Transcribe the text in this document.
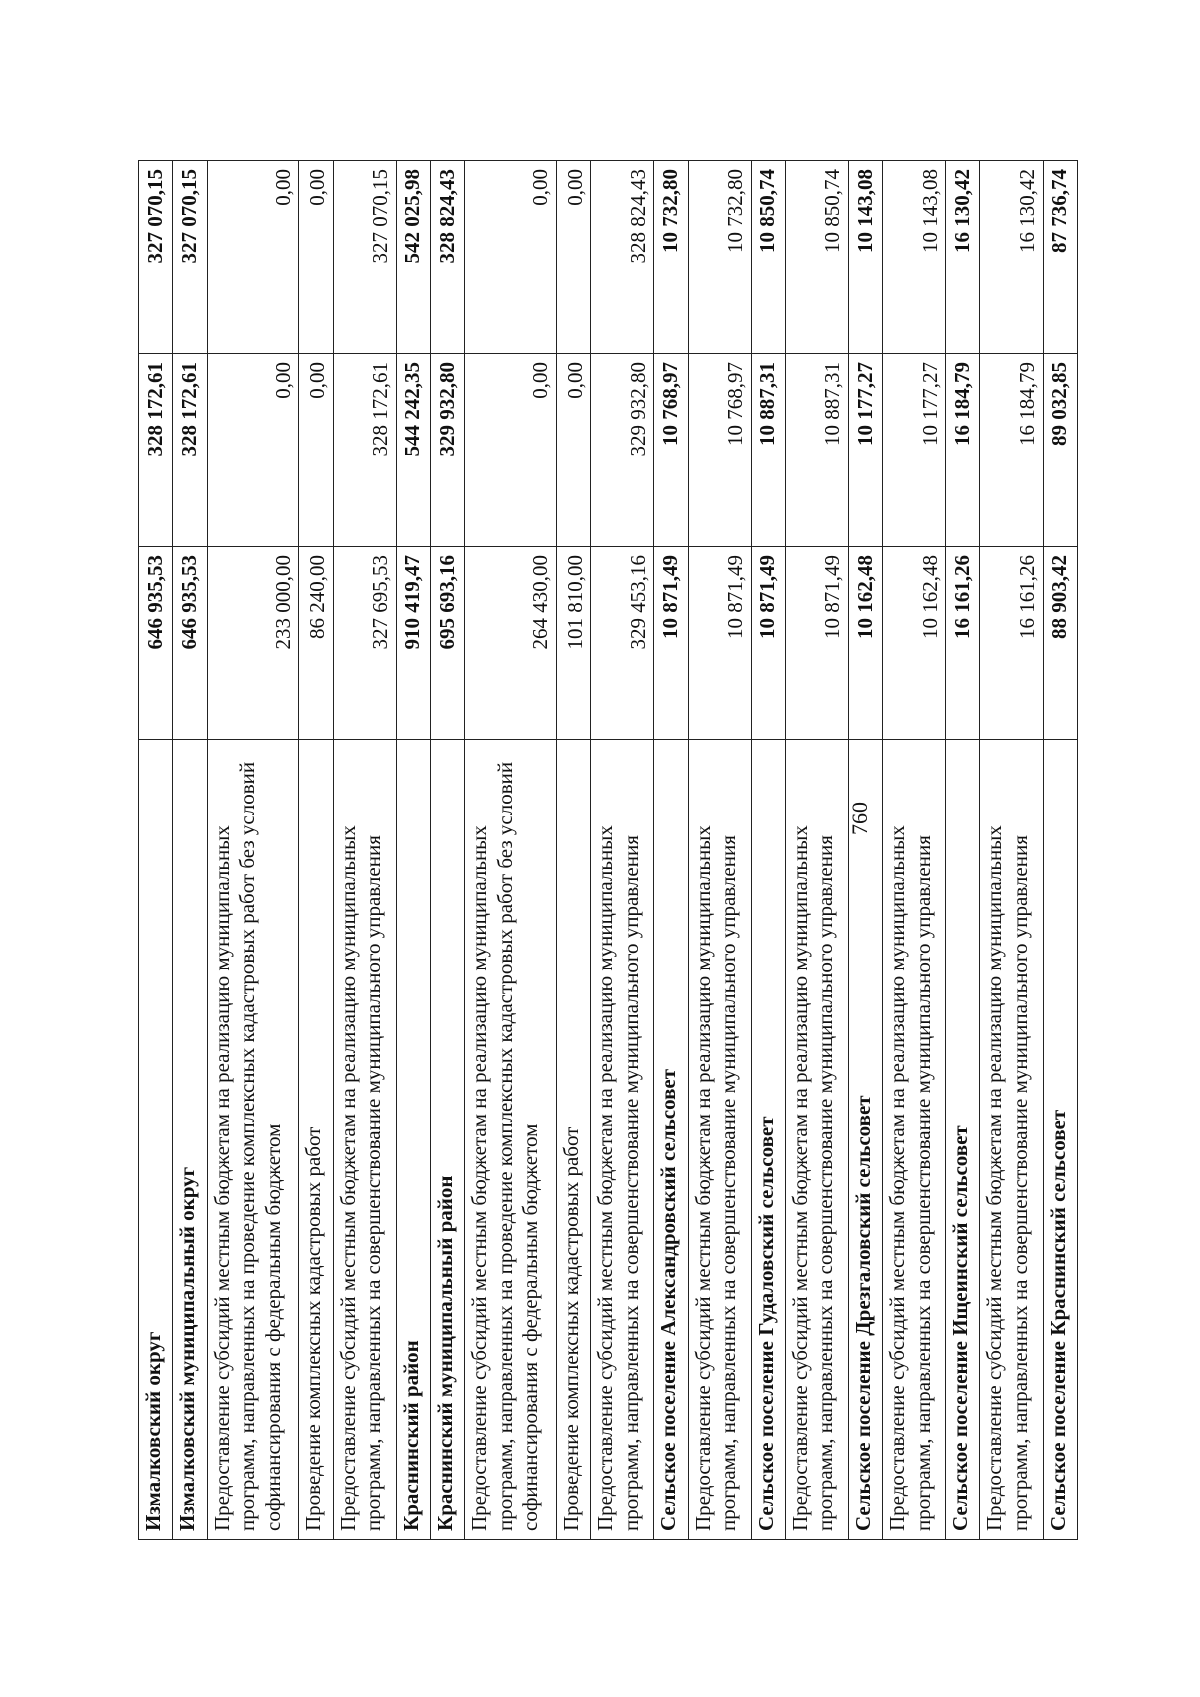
760
Измалковский округ	646 935,53	328 172,61	327 070,15
Измалковский муниципальный округ	646 935,53	328 172,61	327 070,15
Предоставление субсидий местным бюджетам на реализацию муниципальных программ, направленных на проведение комплексных кадастровых работ без условий софинансирования с федеральным бюджетом	233 000,00	0,00	0,00
Проведение комплексных кадастровых работ	86 240,00	0,00	0,00
Предоставление субсидий местным бюджетам на реализацию муниципальных программ, направленных на совершенствование муниципального управления	327 695,53	328 172,61	327 070,15
Краснинский район	910 419,47	544 242,35	542 025,98
Краснинский муниципальный район	695 693,16	329 932,80	328 824,43
Предоставление субсидий местным бюджетам на реализацию муниципальных программ, направленных на проведение комплексных кадастровых работ без условий софинансирования с федеральным бюджетом	264 430,00	0,00	0,00
Проведение комплексных кадастровых работ	101 810,00	0,00	0,00
Предоставление субсидий местным бюджетам на реализацию муниципальных программ, направленных на совершенствование муниципального управления	329 453,16	329 932,80	328 824,43
Сельское поселение Александровский сельсовет	10 871,49	10 768,97	10 732,80
Предоставление субсидий местным бюджетам на реализацию муниципальных программ, направленных на совершенствование муниципального управления	10 871,49	10 768,97	10 732,80
Сельское поселение Гудаловский сельсовет	10 871,49	10 887,31	10 850,74
Предоставление субсидий местным бюджетам на реализацию муниципальных программ, направленных на совершенствование муниципального управления	10 871,49	10 887,31	10 850,74
Сельское поселение Дрезгаловский сельсовет	10 162,48	10 177,27	10 143,08
Предоставление субсидий местным бюджетам на реализацию муниципальных программ, направленных на совершенствование муниципального управления	10 162,48	10 177,27	10 143,08
Сельское поселение Ищеинский сельсовет	16 161,26	16 184,79	16 130,42
Предоставление субсидий местным бюджетам на реализацию муниципальных программ, направленных на совершенствование муниципального управления	16 161,26	16 184,79	16 130,42
Сельское поселение Краснинский сельсовет	88 903,42	89 032,85	87 736,74
